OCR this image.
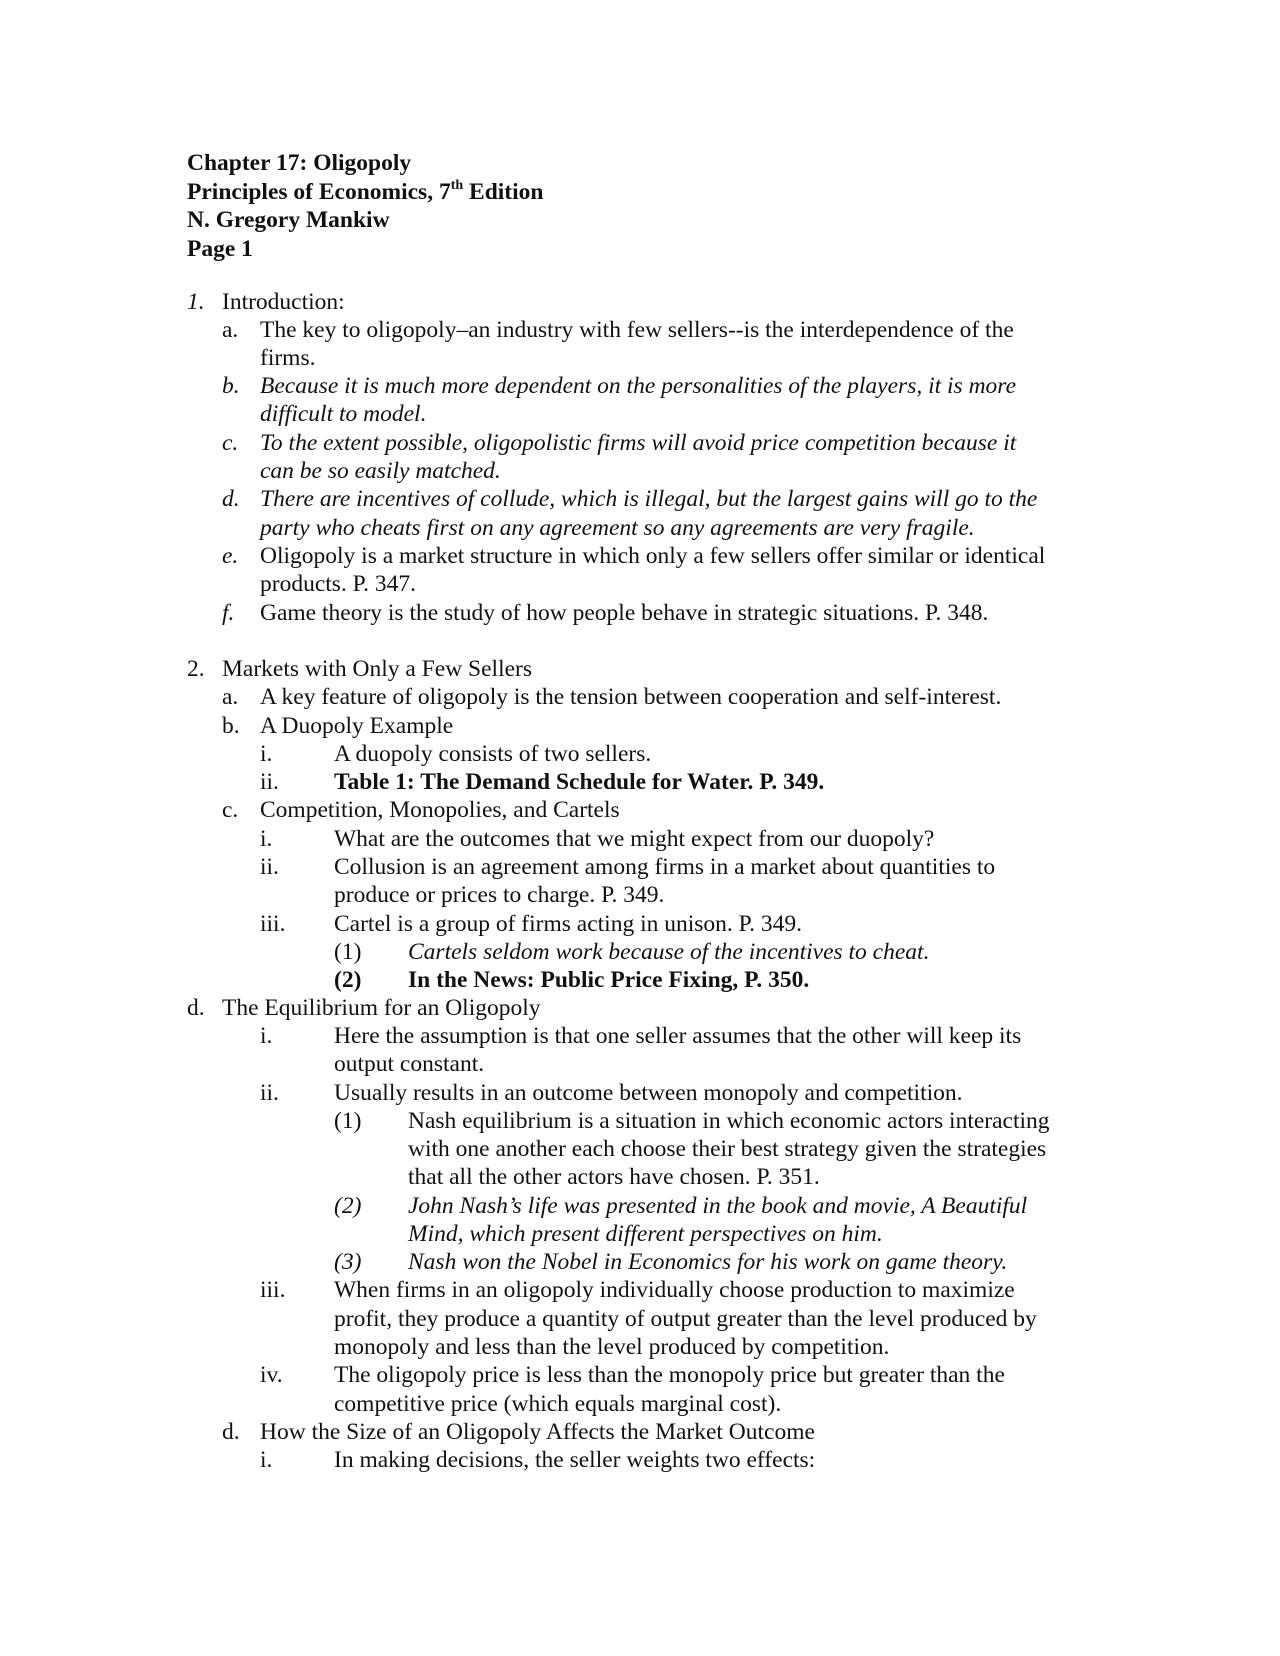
Chapter 17: Oligopoly
Principles of Economics, 7th Edition
N. Gregory Mankiw
Page 1
1. Introduction:
a. The key to oligopoly–an industry with few sellers--is the interdependence of the
firms.
b. Because it is much more dependent on the personalities of the players, it is more
difficult to model.
c. To the extent possible, oligopolistic firms will avoid price competition because it
can be so easily matched.
d. There are incentives of collude, which is illegal, but the largest gains will go to the
party who cheats first on any agreement so any agreements are very fragile.
e. Oligopoly is a market structure in which only a few sellers offer similar or identical
products. P. 347.
f. Game theory is the study of how people behave in strategic situations. P. 348.
2. Markets with Only a Few Sellers
a. A key feature of oligopoly is the tension between cooperation and self-interest.
b. A Duopoly Example
i.	A duopoly consists of two sellers.
ii. Table 1: The Demand Schedule for Water. P. 349.
c. Competition, Monopolies, and Cartels
i.	What are the outcomes that we might expect from our duopoly?
ii. Collusion is an agreement among firms in a market about quantities to
produce or prices to charge. P. 349.
iii. Cartel is a group of firms acting in unison. P. 349.
(1) Cartels seldom work because of the incentives to cheat.
(2) In the News: Public Price Fixing, P. 350.
d. The Equilibrium for an Oligopoly
i.	Here the assumption is that one seller assumes that the other will keep its
output constant.
ii. Usually results in an outcome between monopoly and competition.
(1) Nash equilibrium is a situation in which economic actors interacting
with one another each choose their best strategy given the strategies
that all the other actors have chosen. P. 351.
(2) John Nash’s life was presented in the book and movie, A Beautiful
Mind, which present different perspectives on him.
(3) Nash won the Nobel in Economics for his work on game theory.
iii. When firms in an oligopoly individually choose production to maximize
profit, they produce a quantity of output greater than the level produced by
monopoly and less than the level produced by competition.
iv. The oligopoly price is less than the monopoly price but greater than the
competitive price (which equals marginal cost).
d. How the Size of an Oligopoly Affects the Market Outcome
i.	In making decisions, the seller weights two effects:
